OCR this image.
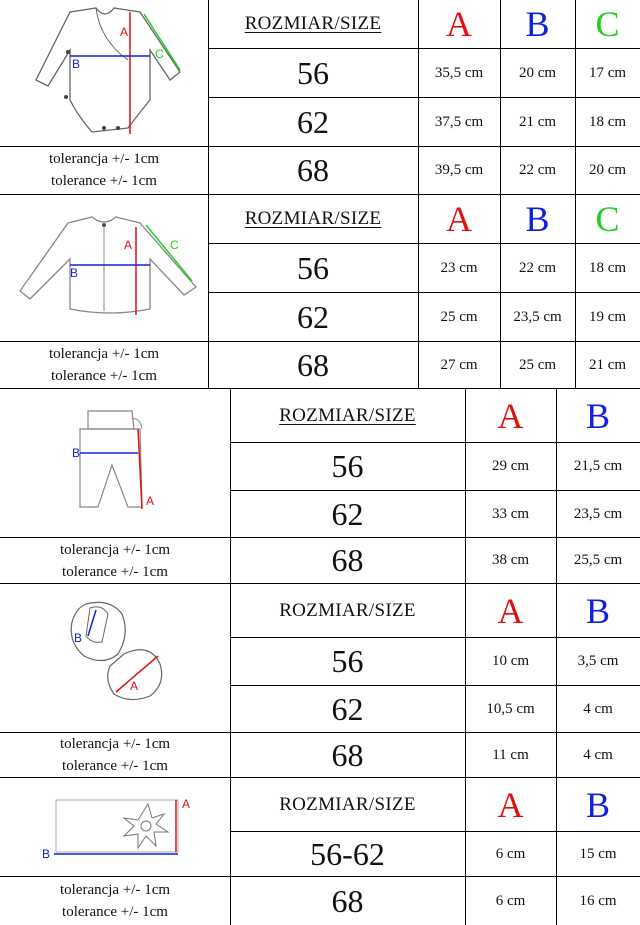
A
B
C
tolerancja +/- 1cm
tolerance +/- 1cm
ROZMIAR/SIZE	A	B	C
56	35,5 cm	20 cm	17 cm
62	37,5 cm	21 cm	18 cm
68	39,5 cm	22 cm	20 cm
A
B
C
tolerancja +/- 1cm
tolerance +/- 1cm
ROZMIAR/SIZE	A	B	C
56	23 cm	22 cm	18 cm
62	25 cm	23,5 cm	19 cm
68	27 cm	25 cm	21 cm
B
A
tolerancja +/- 1cm
tolerance +/- 1cm
ROZMIAR/SIZE	A	B
56	29 cm	21,5 cm
62	33 cm	23,5 cm
68	38 cm	25,5 cm
B
A
tolerancja +/- 1cm
tolerance +/- 1cm
ROZMIAR/SIZE	A	B
56	10 cm	3,5 cm
62	10,5 cm	4 cm
68	11 cm	4 cm
A
B
tolerancja +/- 1cm
tolerance +/- 1cm
ROZMIAR/SIZE	A	B
56-62	6 cm	15 cm
68	6 cm	16 cm
